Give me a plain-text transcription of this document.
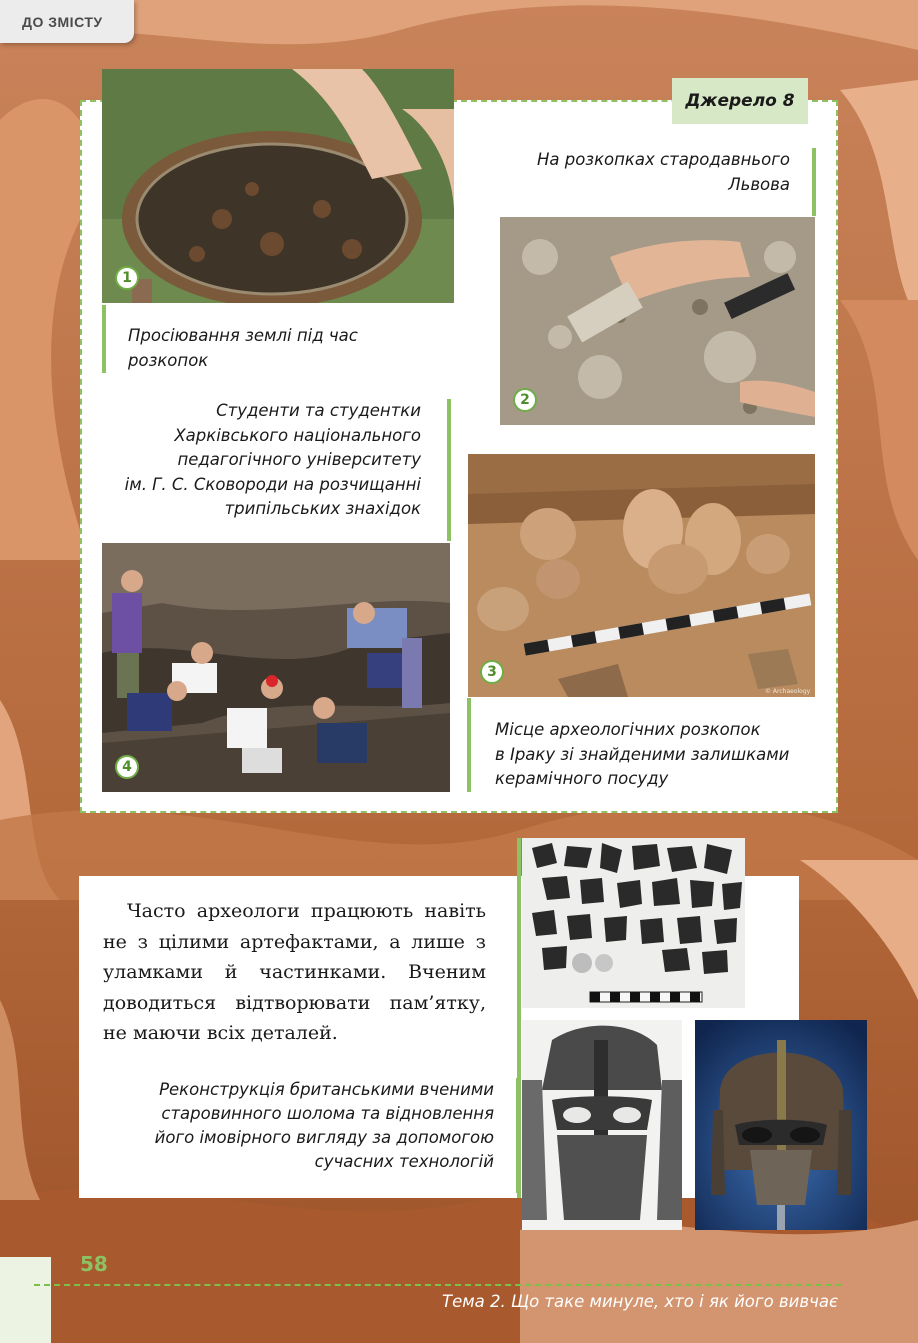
ДО ЗМІСТУ
Джерело 8
1
Просіювання землі під час
розкопок
На розкопках стародавнього
Львова
2
Студенти та студентки
Харківського національного
педагогічного університету
ім. Г. С. Сковороди на розчищанні
трипільських знахідок
© Archaeology
3
Місце археологічних розкопок
в Іраку зі знайденими залишками
керамічного посуду
4
Часто археологи працюють навіть не з цілими артефактами, а лише з уламками й частинками. Вченим доводиться відтворювати пам’ятку, не маючи всіх деталей.
Реконструкція британськими вченими
старовинного шолома та відновлення
його імовірного вигляду за допомогою
сучасних технологій
58
Тема 2. Що таке минуле, хто і як його вивчає
